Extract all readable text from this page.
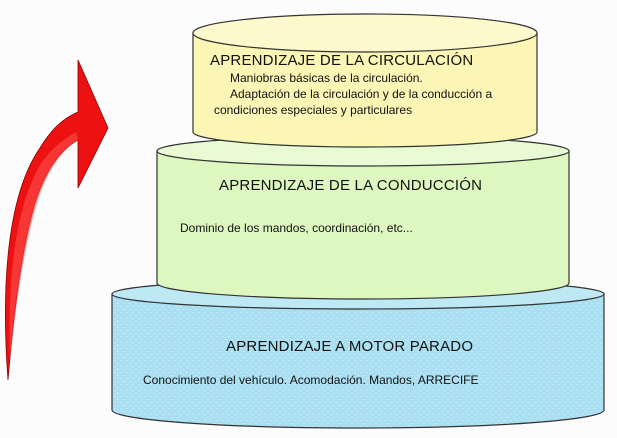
APRENDIZAJE DE LA CIRCULACIÓN
Maniobras básicas de la circulación.
Adaptación de la circulación y de la conducción a
condiciones especiales y particulares
APRENDIZAJE DE LA CONDUCCIÓN
Dominio de los mandos, coordinación, etc...
APRENDIZAJE A MOTOR PARADO
Conocimiento del vehículo. Acomodación. Mandos, ARRECIFE
